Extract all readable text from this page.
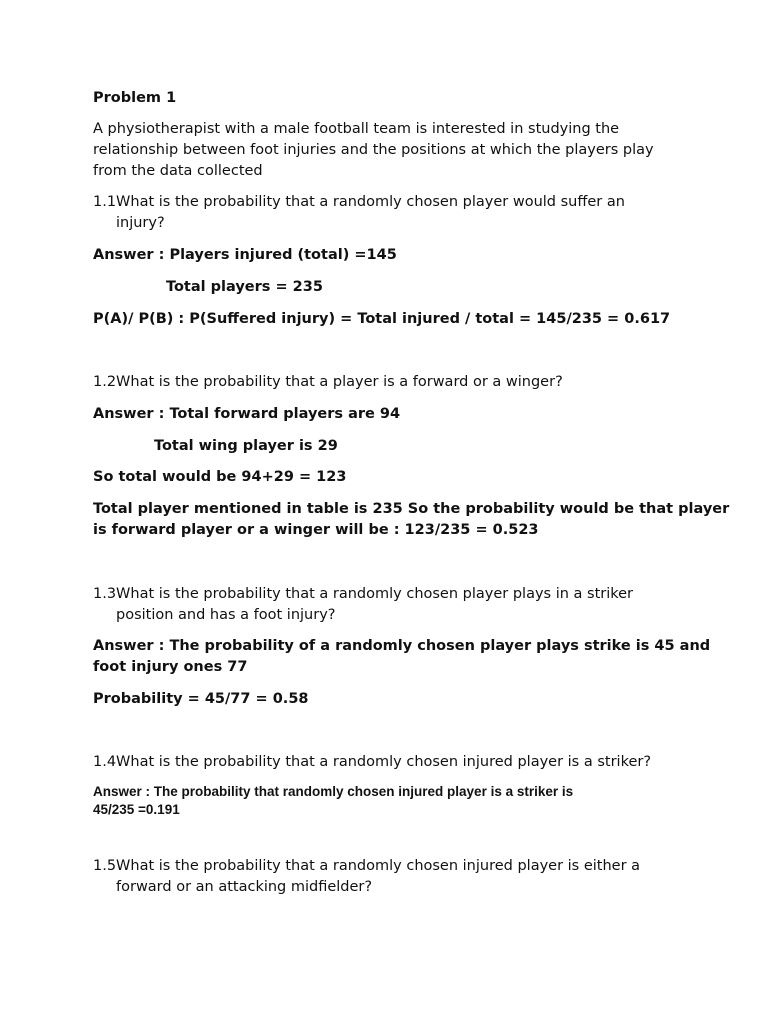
Problem 1

A physiotherapist with a male football team is interested in studying the

relationship between foot injuries and the positions at which the players play

from the data collected

1.1What is the probability that a randomly chosen player would suffer an

injury?

Answer : Players injured (total) =145

Total players = 235

P(A)/ P(B) : P(Suffered injury) = Total injured / total = 145/235 = 0.617

1.2What is the probability that a player is a forward or a winger?

Answer : Total forward players are 94

Total wing player is 29

So total would be 94+29 = 123

Total player mentioned in table is 235 So the probability would be that player

is forward player or a winger will be : 123/235 = 0.523

1.3What is the probability that a randomly chosen player plays in a striker

position and has a foot injury?

Answer : The probability of a randomly chosen player plays strike is 45 and

foot injury ones 77

Probability = 45/77 = 0.58

1.4What is the probability that a randomly chosen injured player is a striker?

Answer : The probability that randomly chosen injured player is a striker is

45/235 =0.191

1.5What is the probability that a randomly chosen injured player is either a

forward or an attacking midfielder?
